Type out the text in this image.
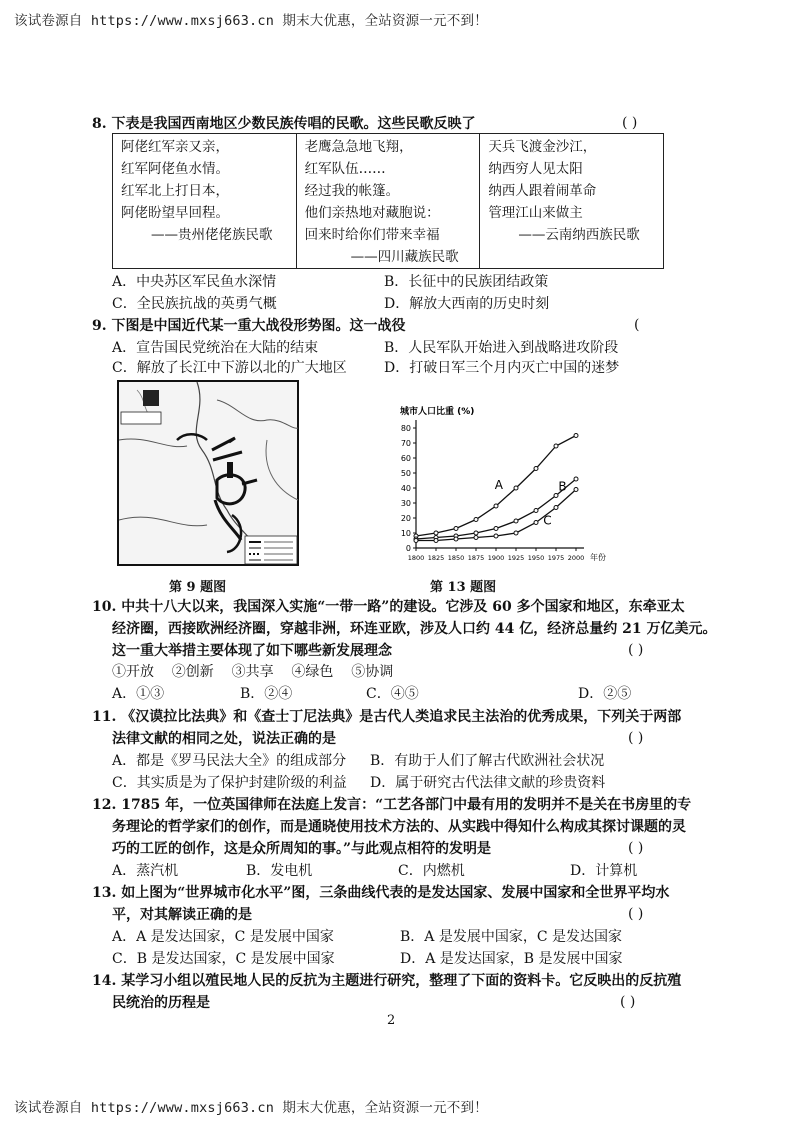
该试卷源自 https://www.mxsj663.cn 期末大优惠，全站资源一元不到！
8. 下表是我国西南地区少数民族传唱的民歌。这些民歌反映了	( )
阿佬红军亲又亲，
红军阿佬鱼水情。
红军北上打日本，
阿佬盼望早回程。
——贵州佬佬族民歌

老鹰急急地飞翔，
红军队伍……
经过我的帐篷。
他们亲热地对藏胞说：
回来时给你们带来幸福
——四川藏族民歌

天兵飞渡金沙江，
纳西穷人见太阳
纳西人跟着闹革命
管理江山来做主
——云南纳西族民歌
A．中央苏区军民鱼水深情	B．长征中的民族团结政策
C．全民族抗战的英勇气概	D．解放大西南的历史时刻
9. 下图是中国近代某一重大战役形势图。这一战役	(
A．宣告国民党统治在大陆的结束	B．人民军队开始进入到战略进攻阶段
C．解放了长江中下游以北的广大地区	D．打破日军三个月内灭亡中国的迷梦
第 9 题图
城市人口比重 (%)
0
10
20
30
40
50
60
70
80
1800 1825 1850 1875 1900 1925 1950 1975 2000 年份
A	B
C
第 13 题图
10. 中共十八大以来，我国深入实施“一带一路”的建设。它涉及 60 多个国家和地区，东牵亚太
经济圈，西接欧洲经济圈，穿越非洲，环连亚欧，涉及人口约 44 亿，经济总量约 21 万亿美元。
这一重大举措主要体现了如下哪些新发展理念	( )
①开放    ②创新    ③共享    ④绿色    ⑤协调
A．①③	B．②④	C．④⑤	D．②⑤
11. 《汉谟拉比法典》和《查士丁尼法典》是古代人类追求民主法治的优秀成果，下列关于两部
法律文献的相同之处，说法正确的是	( )
A．都是《罗马民法大全》的组成部分 B．有助于人们了解古代欧洲社会状况
C．其实质是为了保护封建阶级的利益 D．属于研究古代法律文献的珍贵资料
12. 1785 年，一位英国律师在法庭上发言：“工艺各部门中最有用的发明并不是关在书房里的专
务理论的哲学家们的创作，而是通晓使用技术方法的、从实践中得知什么构成其探讨课题的灵
巧的工匠的创作，这是众所周知的事。”与此观点相符的发明是	( )
A．蒸汽机	B．发电机	C．内燃机	D．计算机
13. 如上图为“世界城市化水平”图，三条曲线代表的是发达国家、发展中国家和全世界平均水
平，对其解读正确的是	( )
A．A 是发达国家，C 是发展中国家	B．A 是发展中国家，C 是发达国家
C．B 是发达国家，C 是发展中国家	D．A 是发达国家，B 是发展中国家
14. 某学习小组以殖民地人民的反抗为主题进行研究，整理了下面的资料卡。它反映出的反抗殖
民统治的历程是	( )
2
该试卷源自 https://www.mxsj663.cn 期末大优惠，全站资源一元不到！
